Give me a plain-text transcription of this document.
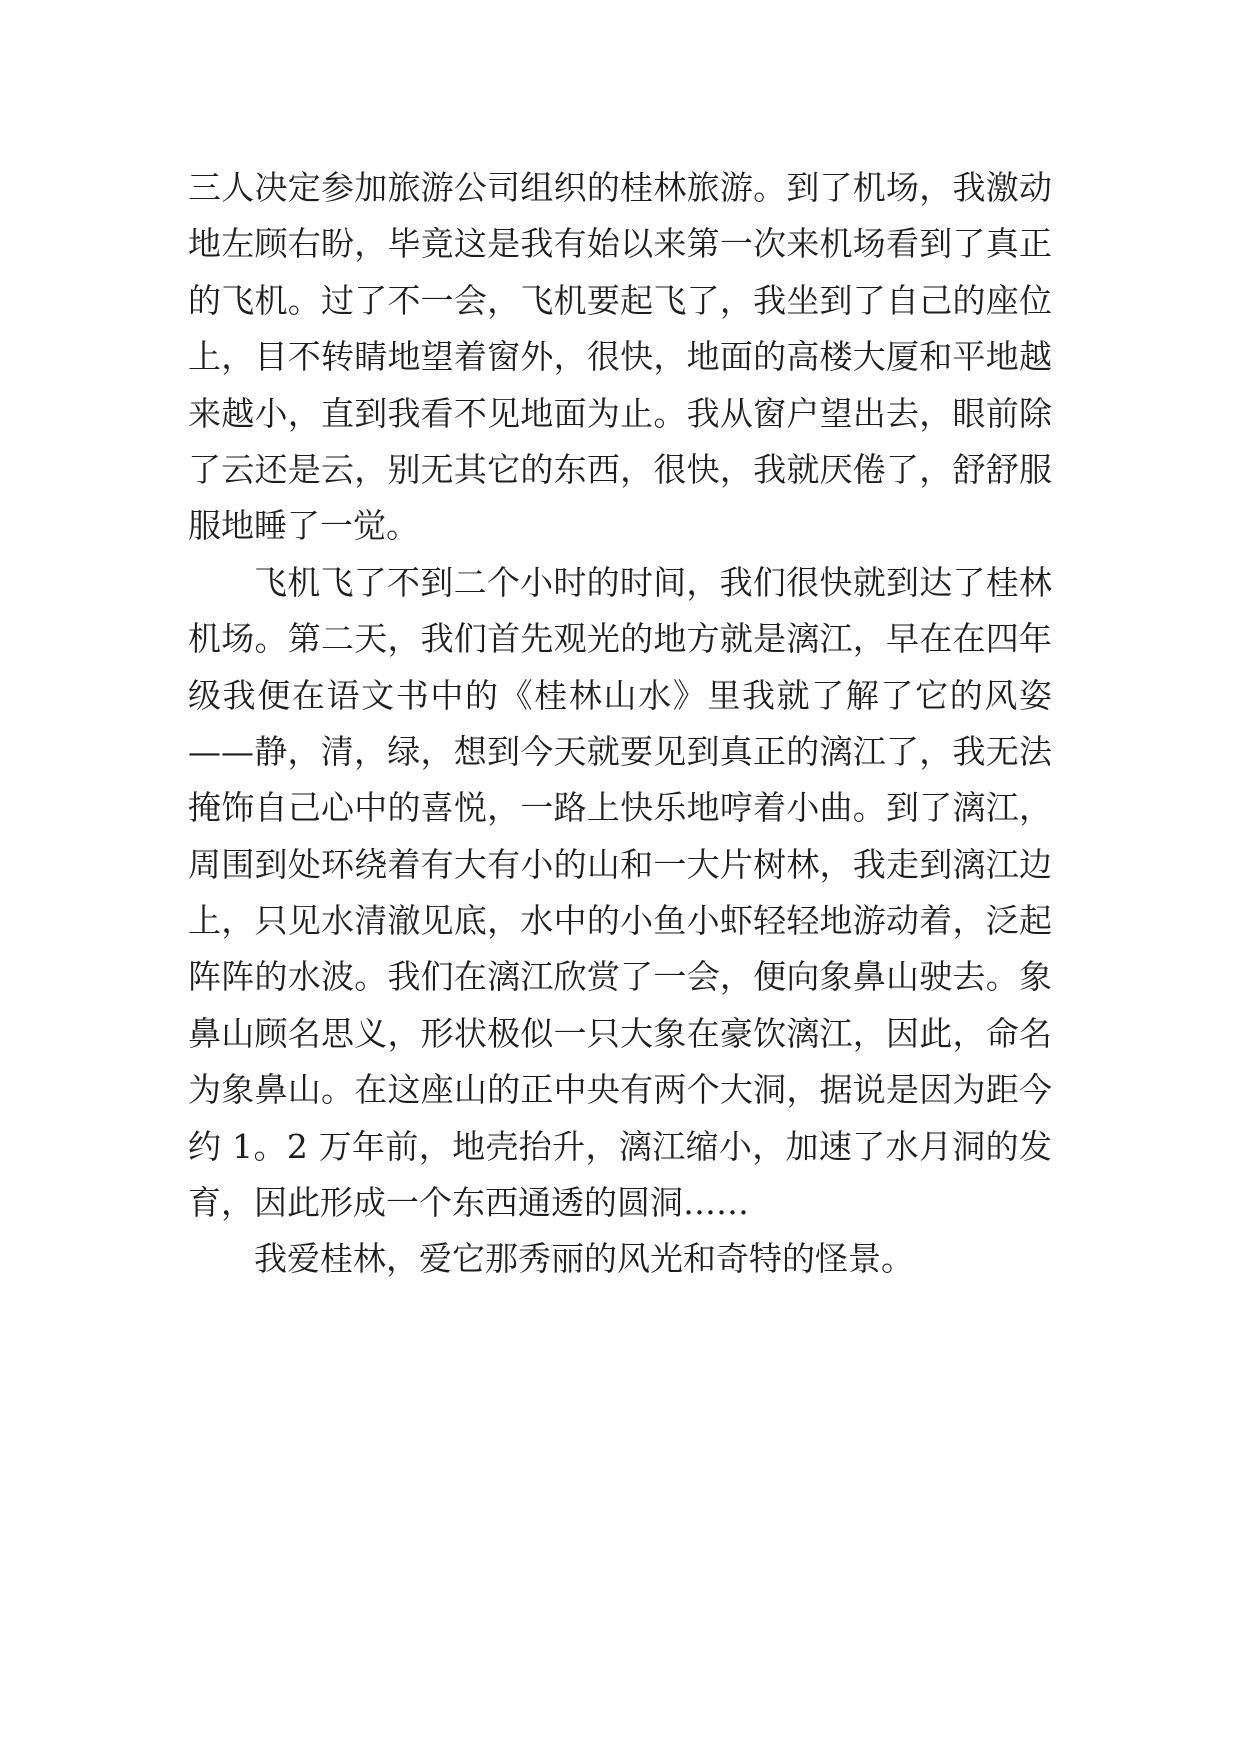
三人决定参加旅游公司组织的桂林旅游。到了机场，我激动
地左顾右盼，毕竟这是我有始以来第一次来机场看到了真正
的飞机。过了不一会，飞机要起飞了，我坐到了自己的座位
上，目不转睛地望着窗外，很快，地面的高楼大厦和平地越
来越小，直到我看不见地面为止。我从窗户望出去，眼前除
了云还是云，别无其它的东西，很快，我就厌倦了，舒舒服
服地睡了一觉。
飞机飞了不到二个小时的时间，我们很快就到达了桂林
机场。第二天，我们首先观光的地方就是漓江，早在在四年
级我便在语文书中的《桂林山水》里我就了解了它的风姿
——静，清，绿，想到今天就要见到真正的漓江了，我无法
掩饰自己心中的喜悦，一路上快乐地哼着小曲。到了漓江，
周围到处环绕着有大有小的山和一大片树林，我走到漓江边
上，只见水清澈见底，水中的小鱼小虾轻轻地游动着，泛起
阵阵的水波。我们在漓江欣赏了一会，便向象鼻山驶去。象
鼻山顾名思义，形状极似一只大象在豪饮漓江，因此，命名
为象鼻山。在这座山的正中央有两个大洞，据说是因为距今
约 1。2 万年前，地壳抬升，漓江缩小，加速了水月洞的发
育，因此形成一个东西通透的圆洞……
我爱桂林，爱它那秀丽的风光和奇特的怪景。
